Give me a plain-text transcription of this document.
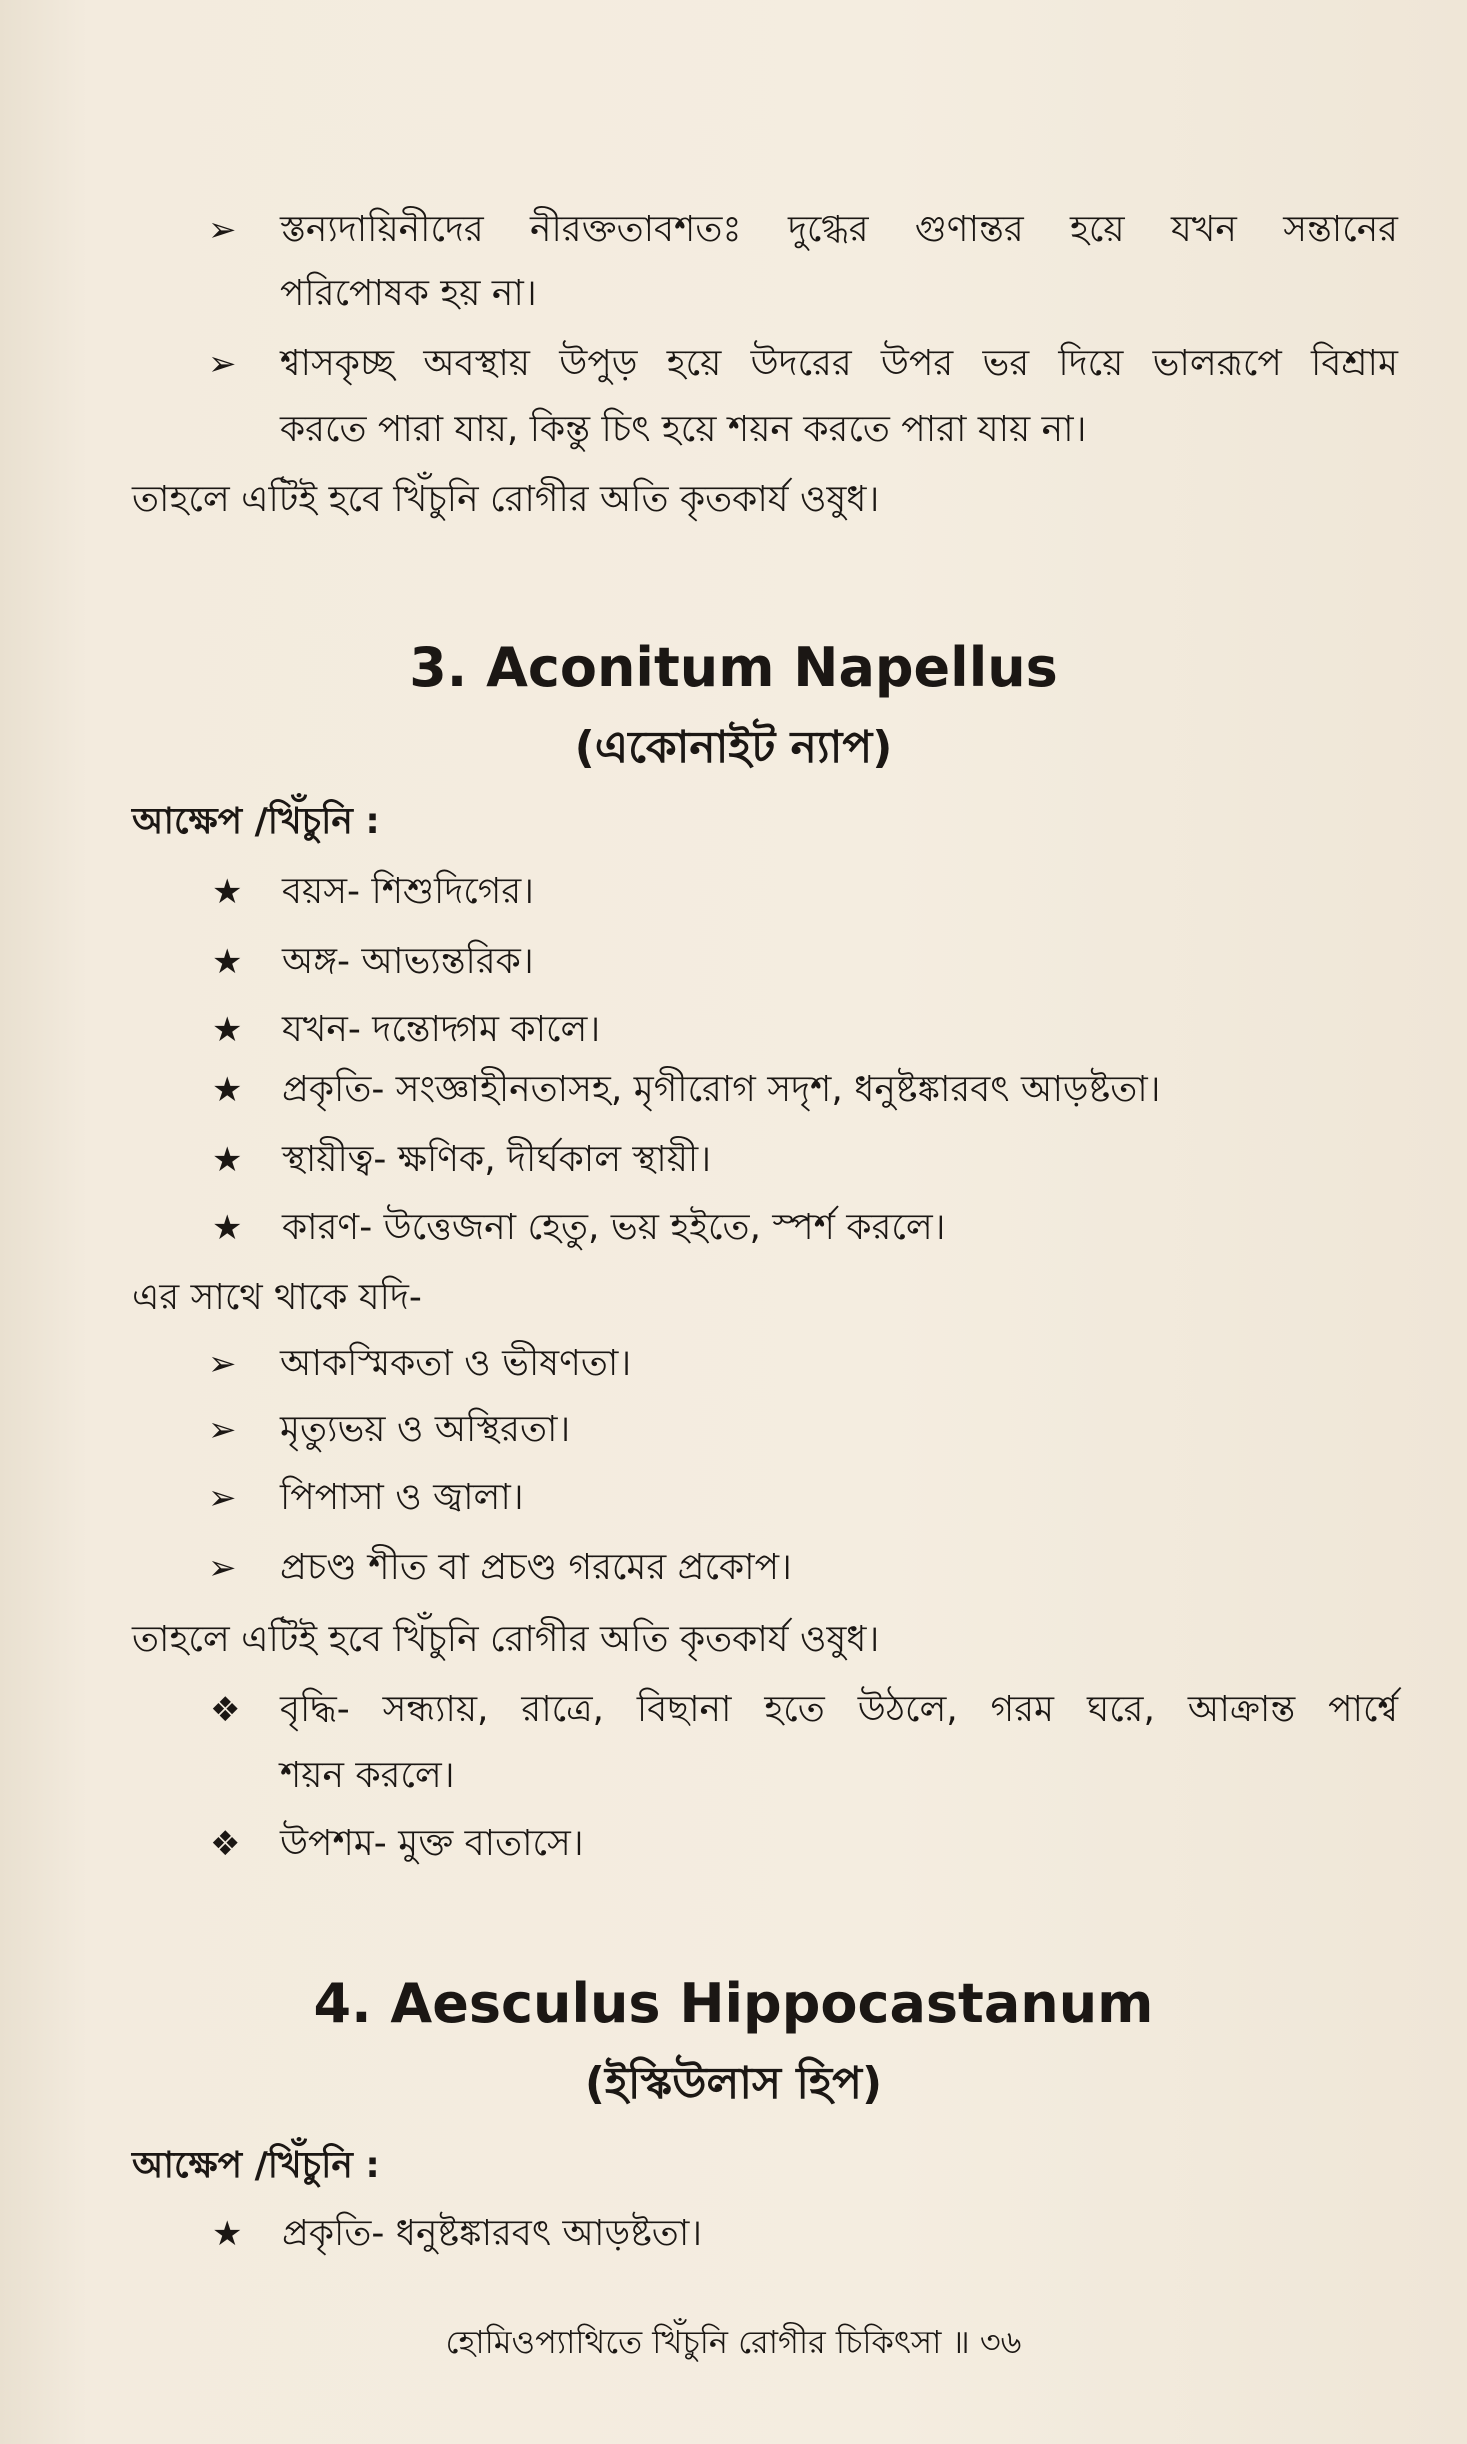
➢ স্তন্যদায়িনীদের নীরক্ততাবশতঃ দুগ্ধের গুণান্তর হয়ে যখন সন্তানের
পরিপোষক হয় না।
➢ শ্বাসকৃচ্ছ অবস্থায় উপুড় হয়ে উদরের উপর ভর দিয়ে ভালরূপে বিশ্রাম
করতে পারা যায়, কিন্তু চিৎ হয়ে শয়ন করতে পারা যায় না।
তাহলে এটিই হবে খিঁচুনি রোগীর অতি কৃতকার্য ওষুধ।
3. Aconitum Napellus
(একোনাইট ন্যাপ)
আক্ষেপ /খিঁচুনি :
★ বয়স- শিশুদিগের।
★ অঙ্গ- আভ্যন্তরিক।
★ যখন- দন্তোদ্গম কালে।
★ প্রকৃতি- সংজ্ঞাহীনতাসহ, মৃগীরোগ সদৃশ, ধনুষ্টঙ্কারবৎ আড়ষ্টতা।
★ স্থায়ীত্ব- ক্ষণিক, দীর্ঘকাল স্থায়ী।
★ কারণ- উত্তেজনা হেতু, ভয় হইতে, স্পর্শ করলে।
এর সাথে থাকে যদি-
➢ আকস্মিকতা ও ভীষণতা।
➢ মৃত্যুভয় ও অস্থিরতা।
➢ পিপাসা ও জ্বালা।
➢ প্রচণ্ড শীত বা প্রচণ্ড গরমের প্রকোপ।
তাহলে এটিই হবে খিঁচুনি রোগীর অতি কৃতকার্য ওষুধ।
❖ বৃদ্ধি- সন্ধ্যায়, রাত্রে, বিছানা হতে উঠলে, গরম ঘরে, আক্রান্ত পার্শ্বে
শয়ন করলে।
❖ উপশম- মুক্ত বাতাসে।
4. Aesculus Hippocastanum
(ইস্কিউলাস হিপ)
আক্ষেপ /খিঁচুনি :
★ প্রকৃতি- ধনুষ্টঙ্কারবৎ আড়ষ্টতা।
হোমিওপ্যাথিতে খিঁচুনি রোগীর চিকিৎসা ॥ ৩৬
